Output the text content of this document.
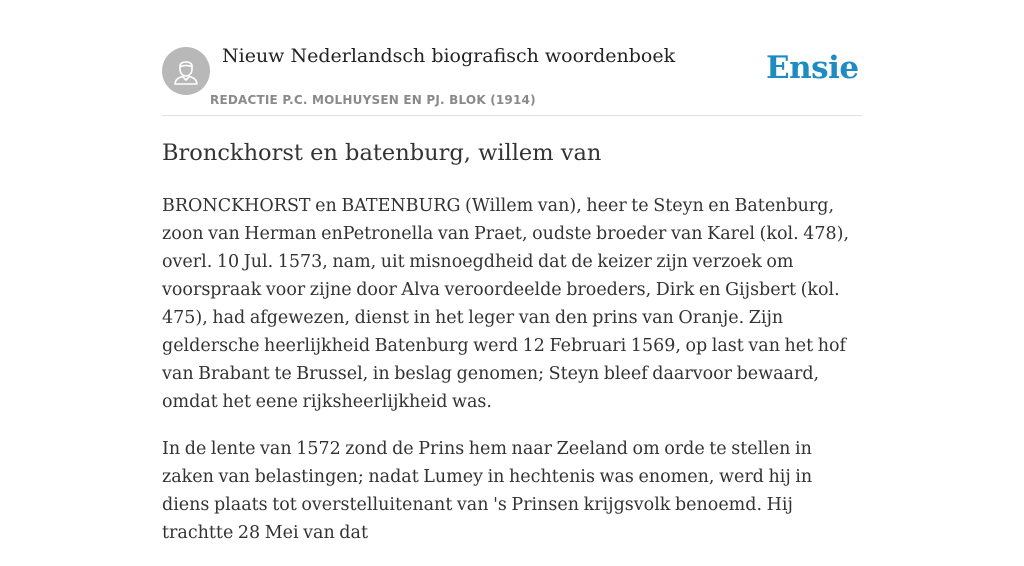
Nieuw Nederlandsch biografisch woordenboek
REDACTIE P.C. MOLHUYSEN EN PJ. BLOK (1914)
Ensie
Bronckhorst en batenburg, willem van

BRONCKHORST en BATENBURG (Willem van), heer te Steyn en Batenburg, zoon van Herman enPetronella van Praet, oudste broeder van Karel (kol. 478), overl. 10 Jul. 1573, nam, uit misnoegdheid dat de keizer zijn verzoek om voorspraak voor zijne door Alva veroordeelde broeders, Dirk en Gijsbert (kol. 475), had afgewezen, dienst in het leger van den prins van Oranje. Zijn geldersche heerlijkheid Batenburg werd 12 Februari 1569, op last van het hof van Brabant te Brussel, in beslag genomen; Steyn bleef daarvoor bewaard, omdat het eene rijksheerlijkheid was.

In de lente van 1572 zond de Prins hem naar Zeeland om orde te stellen in zaken van belastingen; nadat Lumey in hechtenis was enomen, werd hij in diens plaats tot overstelluitenant van 's Prinsen krijgsvolk benoemd. Hij trachtte 28 Mei van dat
